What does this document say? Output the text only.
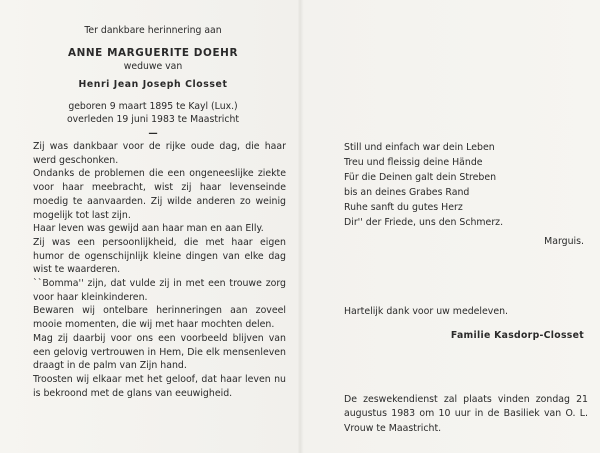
Ter dankbare herinnering aan
ANNE MARGUERITE DOEHR
weduwe van
Henri Jean Joseph Closset
geboren 9 maart 1895 te Kayl (Lux.)
overleden 19 juni 1983 te Maastricht
—

Zij was dankbaar voor de rijke oude dag, die haar werd geschonken.

Ondanks de problemen die een ongeneeslijke ziekte voor haar meebracht, wist zij haar levenseinde moedig te aanvaarden. Zij wilde anderen zo weinig mogelijk tot last zijn.

Haar leven was gewijd aan haar man en aan Elly.

Zij was een persoonlijkheid, die met haar eigen humor de ogenschijnlijk kleine dingen van elke dag wist te waarderen.

``Bomma'' zijn, dat vulde zij in met een trouwe zorg voor haar kleinkinderen.

Bewaren wij ontelbare herinneringen aan zoveel mooie momenten, die wij met haar mochten delen.

Mag zij daarbij voor ons een voorbeeld blijven van een gelovig vertrouwen in Hem, Die elk mensenleven draagt in de palm van Zijn hand.

Troosten wij elkaar met het geloof, dat haar leven nu is bekroond met de glans van eeuwigheid.

Still und einfach war dein Leben
Treu und fleissig deine Hände
Für die Deinen galt dein Streben
bis an deines Grabes Rand
Ruhe sanft du gutes Herz
Dir'' der Friede, uns den Schmerz.
Marguis.
Hartelijk dank voor uw medeleven.
Familie Kasdorp-Closset
De zeswekendienst zal plaats vinden zondag 21 augustus 1983 om 10 uur in de Basiliek van O. L. Vrouw te Maastricht.
